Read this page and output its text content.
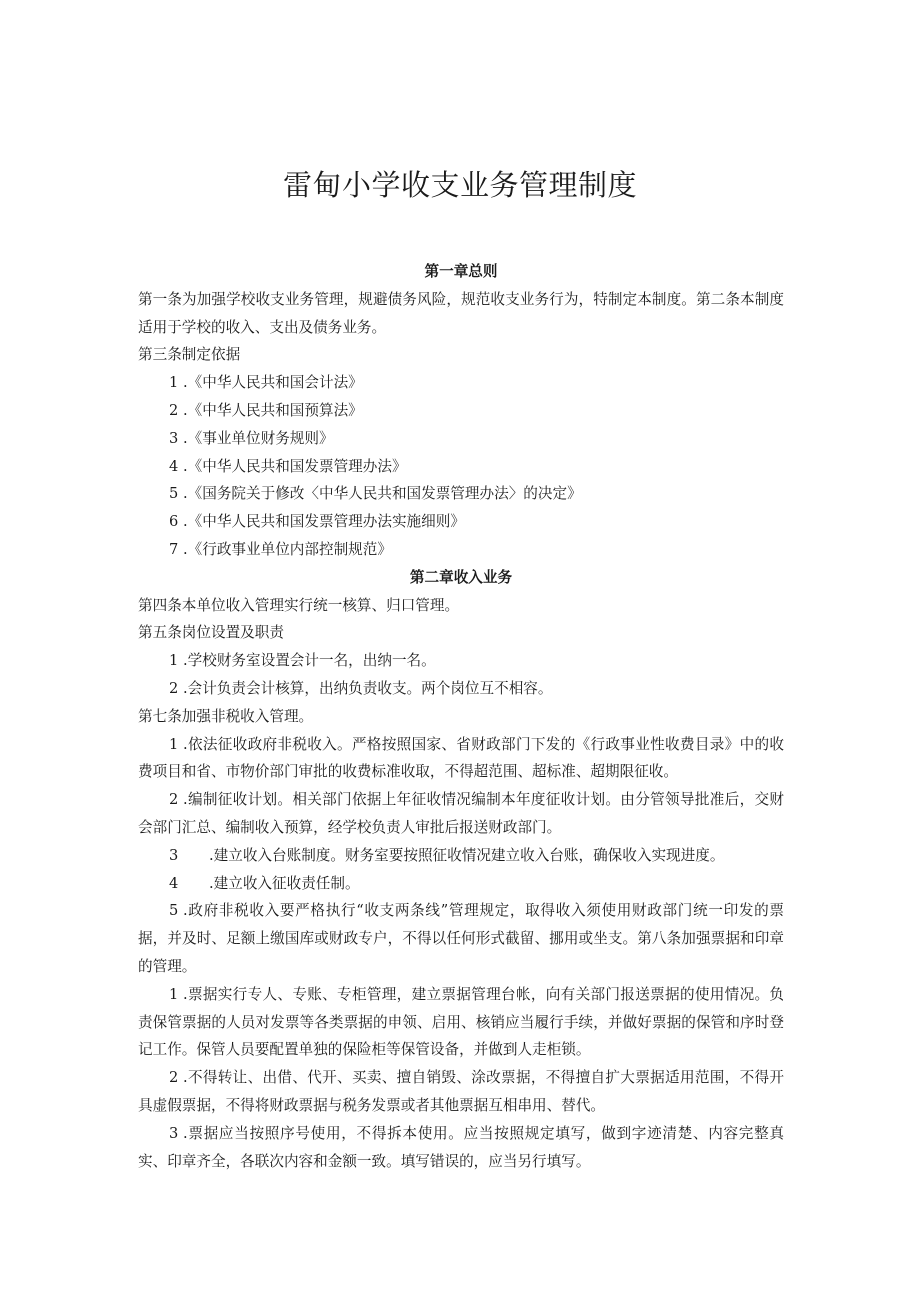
雷甸小学收支业务管理制度

第一章总则

第一条为加强学校收支业务管理，规避债务风险，规范收支业务行为，特制定本制度。第二条本制度适用于学校的收入、支出及债务业务。

第三条制定依据

1 .《中华人民共和国会计法》

2 .《中华人民共和国预算法》

3 .《事业单位财务规则》

4 .《中华人民共和国发票管理办法》

5 .《国务院关于修改〈中华人民共和国发票管理办法〉的决定》

6 .《中华人民共和国发票管理办法实施细则》

7 .《行政事业单位内部控制规范》

第二章收入业务

第四条本单位收入管理实行统一核算、归口管理。

第五条岗位设置及职责

1 .学校财务室设置会计一名，出纳一名。

2 .会计负责会计核算，出纳负责收支。两个岗位互不相容。

第七条加强非税收入管理。

1 .依法征收政府非税收入。严格按照国家、省财政部门下发的《行政事业性收费目录》中的收费项目和省、市物价部门审批的收费标准收取，不得超范围、超标准、超期限征收。

2 .编制征收计划。相关部门依据上年征收情况编制本年度征收计划。由分管领导批准后，交财会部门汇总、编制收入预算，经学校负责人审批后报送财政部门。

3 .建立收入台账制度。财务室要按照征收情况建立收入台账，确保收入实现进度。

4 .建立收入征收责任制。

5 .政府非税收入要严格执行“收支两条线”管理规定，取得收入须使用财政部门统一印发的票据，并及时、足额上缴国库或财政专户，不得以任何形式截留、挪用或坐支。第八条加强票据和印章的管理。

1 .票据实行专人、专账、专柜管理，建立票据管理台帐，向有关部门报送票据的使用情况。负责保管票据的人员对发票等各类票据的申领、启用、核销应当履行手续，并做好票据的保管和序时登记工作。保管人员要配置单独的保险柜等保管设备，并做到人走柜锁。

2 .不得转让、出借、代开、买卖、擅自销毁、涂改票据，不得擅自扩大票据适用范围，不得开具虚假票据，不得将财政票据与税务发票或者其他票据互相串用、替代。

3 .票据应当按照序号使用，不得拆本使用。应当按照规定填写，做到字迹清楚、内容完整真实、印章齐全，各联次内容和金额一致。填写错误的，应当另行填写。
